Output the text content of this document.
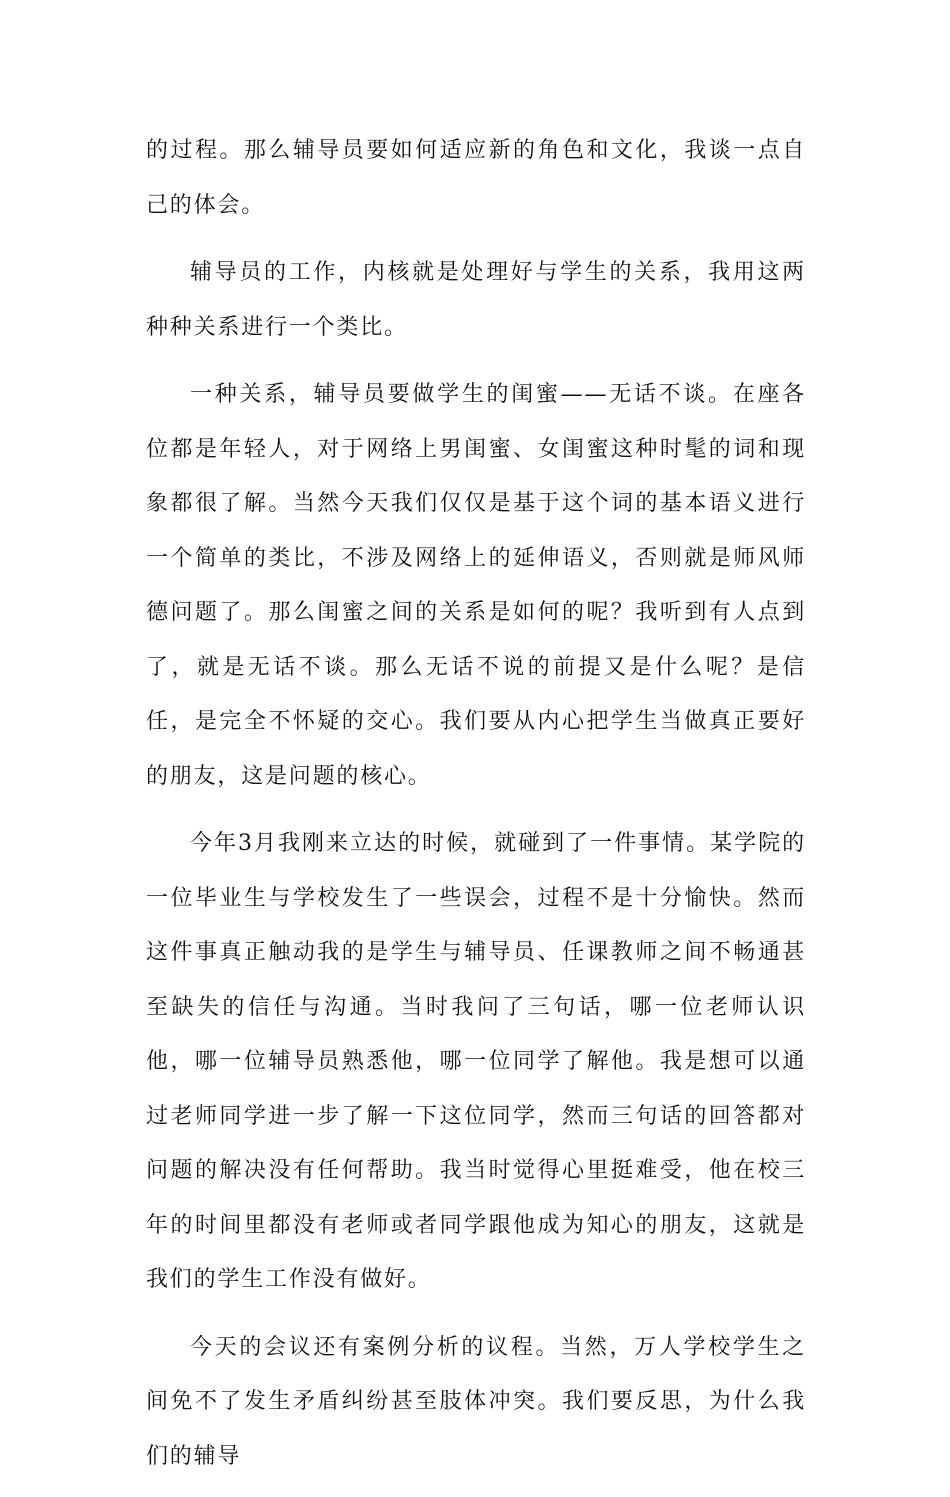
的过程。那么辅导员要如何适应新的角色和文化，我谈一点自己的体会。

辅导员的工作，内核就是处理好与学生的关系，我用这两种种关系进行一个类比。

一种关系，辅导员要做学生的闺蜜——无话不谈。在座各位都是年轻人，对于网络上男闺蜜、女闺蜜这种时髦的词和现象都很了解。当然今天我们仅仅是基于这个词的基本语义进行一个简单的类比，不涉及网络上的延伸语义，否则就是师风师德问题了。那么闺蜜之间的关系是如何的呢？我听到有人点到了，就是无话不谈。那么无话不说的前提又是什么呢？是信任，是完全不怀疑的交心。我们要从内心把学生当做真正要好的朋友，这是问题的核心。

今年3月我刚来立达的时候，就碰到了一件事情。某学院的一位毕业生与学校发生了一些误会，过程不是十分愉快。然而这件事真正触动我的是学生与辅导员、任课教师之间不畅通甚至缺失的信任与沟通。当时我问了三句话，哪一位老师认识他，哪一位辅导员熟悉他，哪一位同学了解他。我是想可以通过老师同学进一步了解一下这位同学，然而三句话的回答都对问题的解决没有任何帮助。我当时觉得心里挺难受，他在校三年的时间里都没有老师或者同学跟他成为知心的朋友，这就是我们的学生工作没有做好。

今天的会议还有案例分析的议程。当然，万人学校学生之间免不了发生矛盾纠纷甚至肢体冲突。我们要反思，为什么我们的辅导
